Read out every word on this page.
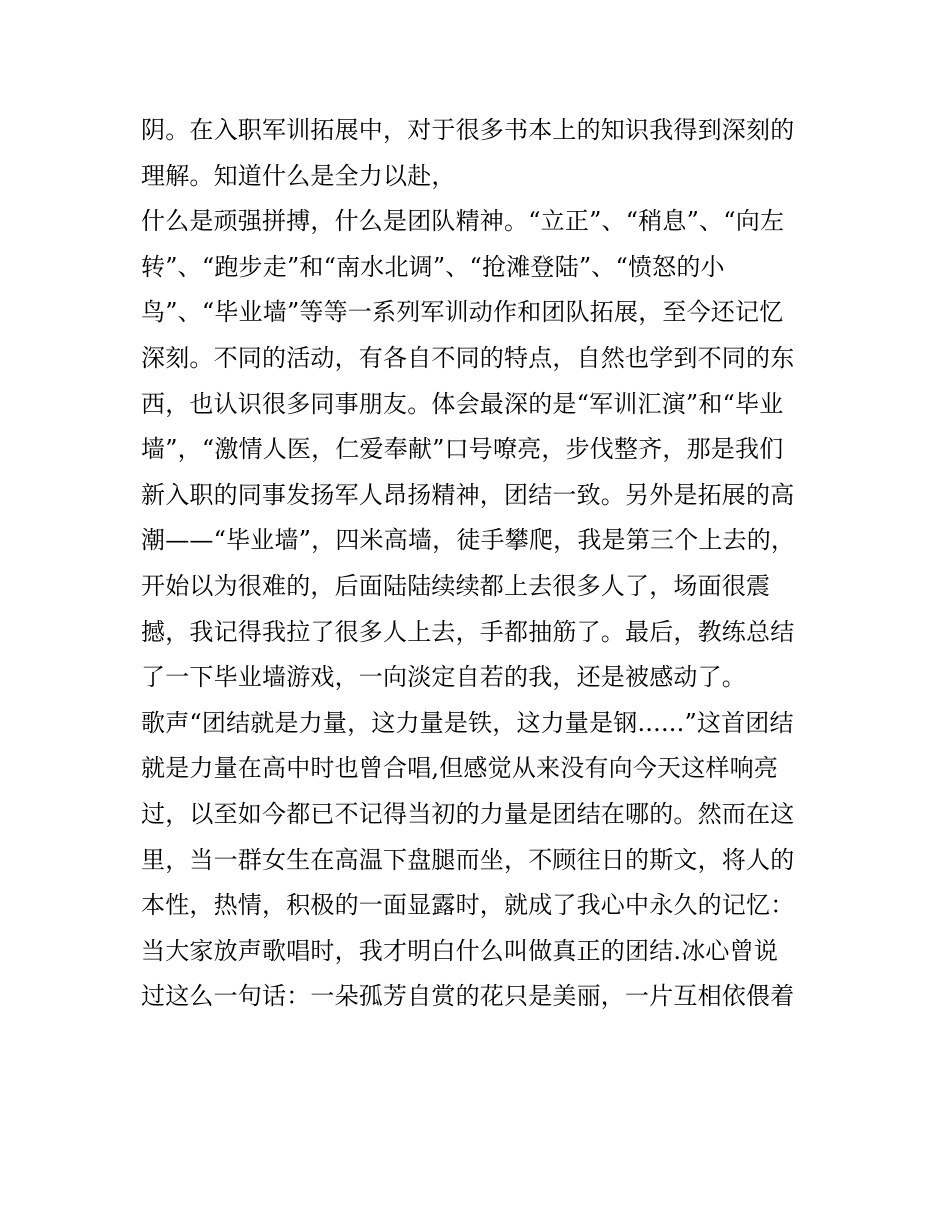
阴。在入职军训拓展中，对于很多书本上的知识我得到深刻的
理解。知道什么是全力以赴，
什么是顽强拼搏，什么是团队精神。“立正”、“稍息”、“向左
转”、“跑步走”和“南水北调”、“抢滩登陆”、“愤怒的小
鸟”、“毕业墙”等等一系列军训动作和团队拓展，至今还记忆
深刻。不同的活动，有各自不同的特点，自然也学到不同的东
西，也认识很多同事朋友。体会最深的是“军训汇演”和“毕业
墙”，“激情人医，仁爱奉献”口号嘹亮，步伐整齐，那是我们
新入职的同事发扬军人昂扬精神，团结一致。另外是拓展的高
潮——“毕业墙”，四米高墙，徒手攀爬，我是第三个上去的，
开始以为很难的，后面陆陆续续都上去很多人了，场面很震
撼，我记得我拉了很多人上去，手都抽筋了。最后，教练总结
了一下毕业墙游戏，一向淡定自若的我，还是被感动了。
歌声“团结就是力量，这力量是铁，这力量是钢......”这首团结
就是力量在高中时也曾合唱,但感觉从来没有向今天这样响亮
过，以至如今都已不记得当初的力量是团结在哪的。然而在这
里，当一群女生在高温下盘腿而坐，不顾往日的斯文，将人的
本性，热情，积极的一面显露时，就成了我心中永久的记忆：
当大家放声歌唱时，我才明白什么叫做真正的团结.冰心曾说
过这么一句话：一朵孤芳自赏的花只是美丽，一片互相依偎着
